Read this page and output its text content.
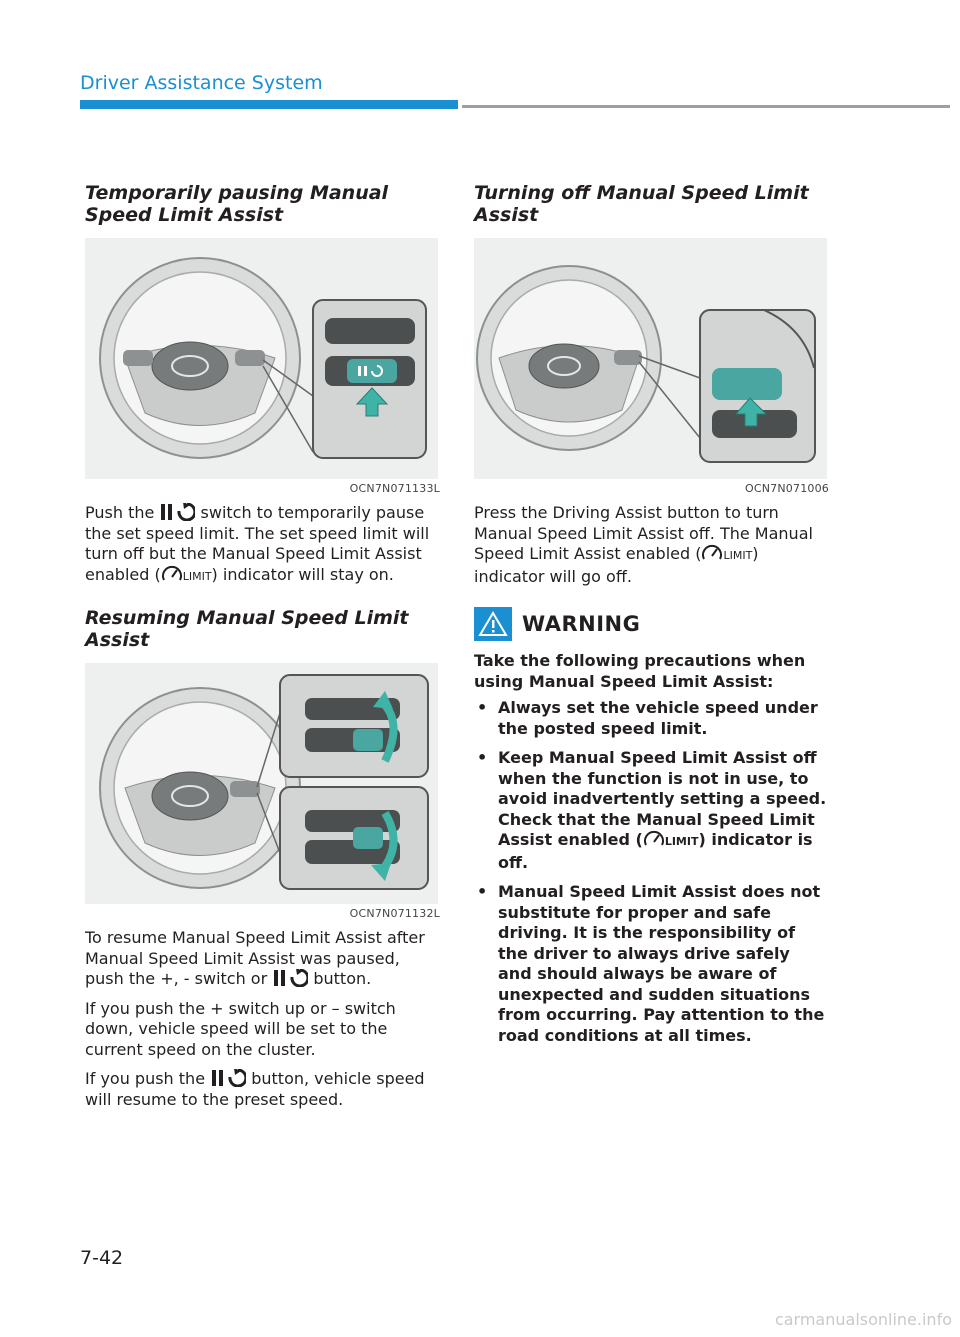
Driver Assistance System
Temporarily pausing Manual Speed Limit Assist
OCN7N071133L

Push the	switch to temporarily pause the set speed limit. The set speed limit will turn off but the Manual Speed Limit Assist enabled ( LIMIT) indicator will stay on.

Resuming Manual Speed Limit Assist
OCN7N071132L

To resume Manual Speed Limit Assist after Manual Speed Limit Assist was paused, push the +, - switch or	button.

If you push the + switch up or – switch down, vehicle speed will be set to the current speed on the cluster.

If you push the	button, vehicle speed will resume to the preset speed.

Turning off Manual Speed Limit Assist
OCN7N071006

Press the Driving Assist button to turn Manual Speed Limit Assist off. The Manual Speed Limit Assist enabled ( LIMIT) indicator will go off.

WARNING
Take the following precautions when using Manual Speed Limit Assist:
• Always set the vehicle speed under the posted speed limit.
• Keep Manual Speed Limit Assist off when the function is not in use, to avoid inadvertently setting a speed. Check that the Manual Speed Limit Assist enabled ( LIMIT) indicator is off.
• Manual Speed Limit Assist does not substitute for proper and safe driving. It is the responsibility of the driver to always drive safely and should always be aware of unexpected and sudden situations from occurring. Pay attention to the road conditions at all times.
7-42
carmanualsonline.info
